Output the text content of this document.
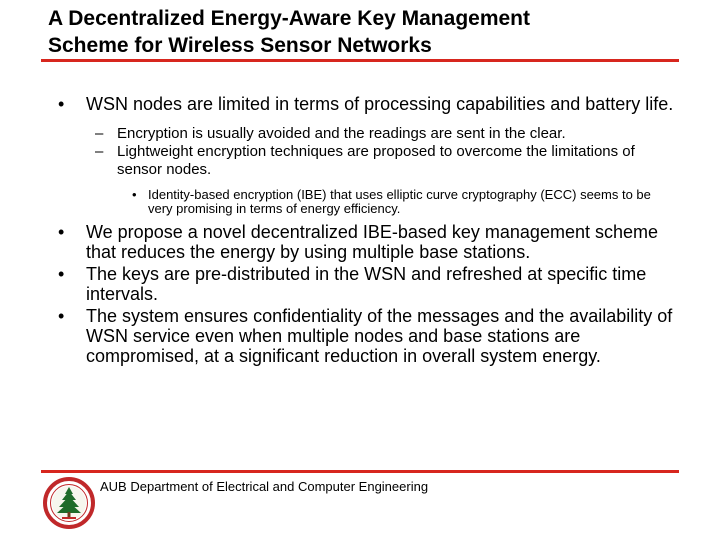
A Decentralized Energy-Aware Key Management
Scheme for Wireless Sensor Networks
• WSN nodes are limited in terms of processing capabilities and battery life.
– Encryption is usually avoided and the readings are sent in the clear.
– Lightweight encryption techniques are proposed to overcome the limitations of sensor nodes.
• Identity-based encryption (IBE) that uses elliptic curve cryptography (ECC) seems to be very promising in terms of energy efficiency.
• We propose a novel decentralized IBE-based key management scheme that reduces the energy by using multiple base stations.
• The keys are pre-distributed in the WSN and refreshed at specific time intervals.
• The system ensures confidentiality of the messages and the availability of WSN service even when multiple nodes and base stations are compromised, at a significant reduction in overall system energy.
AUB Department of Electrical and Computer Engineering
